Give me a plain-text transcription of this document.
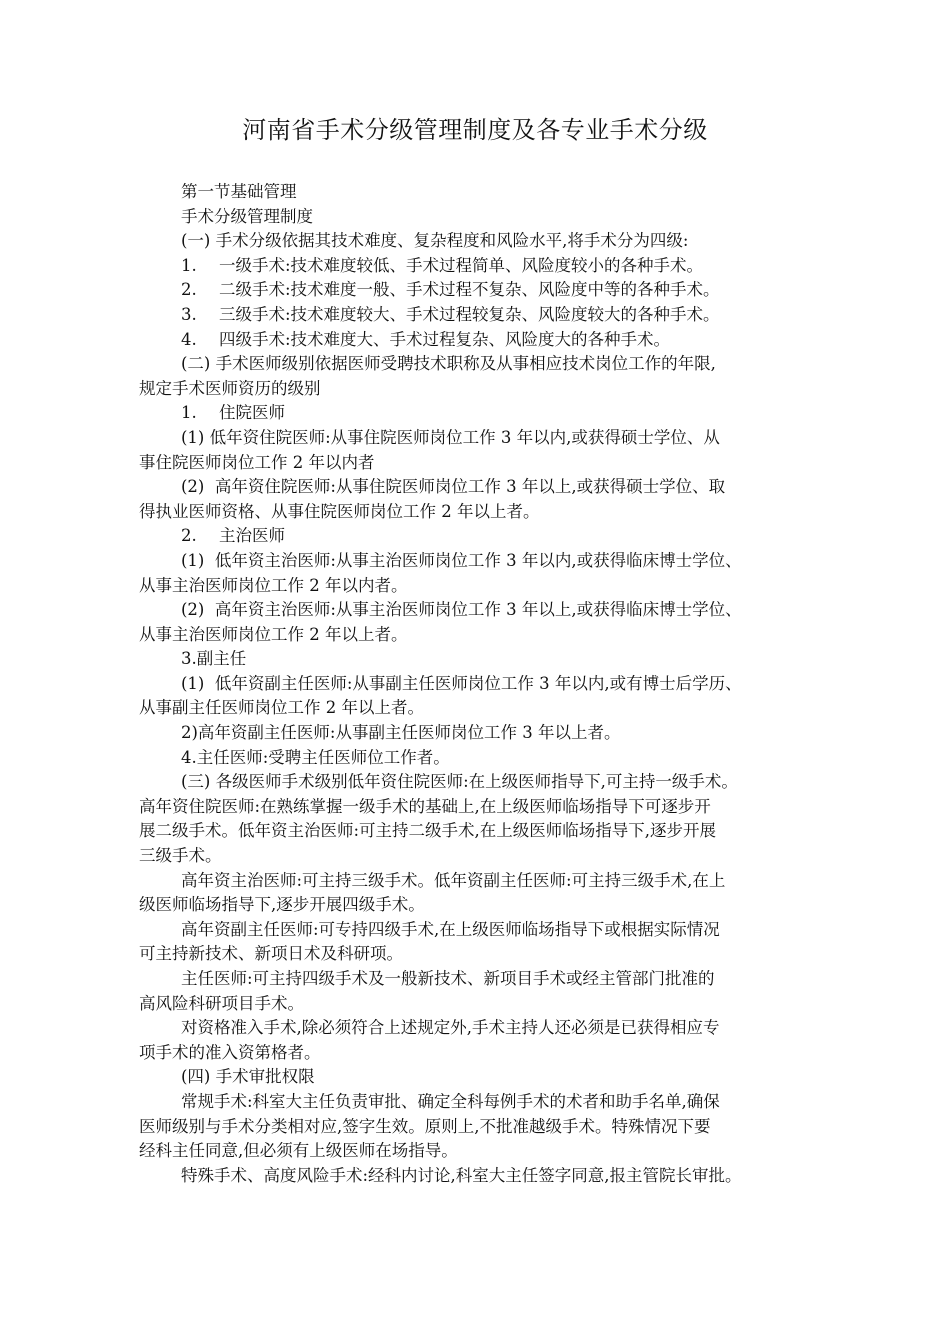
河南省手术分级管理制度及各专业手术分级

第一节基础管理

手术分级管理制度

(一) 手术分级依据其技术难度、复杂程度和风险水平,将手术分为四级:

1. 一级手术:技术难度较低、手术过程简单、风险度较小的各种手术。

2. 二级手术:技术难度一般、手术过程不复杂、风险度中等的各种手术。

3. 三级手术:技术难度较大、手术过程较复杂、风险度较大的各种手术。

4. 四级手术:技术难度大、手术过程复杂、风险度大的各种手术。

(二) 手术医师级别依据医师受聘技术职称及从事相应技术岗位工作的年限,

规定手术医师资历的级别

1. 住院医师

(1) 低年资住院医师:从事住院医师岗位工作 3 年以内,或获得硕士学位、从

事住院医师岗位工作 2 年以内者

(2)  高年资住院医师:从事住院医师岗位工作 3 年以上,或获得硕士学位、取

得执业医师资格、从事住院医师岗位工作 2 年以上者。

2. 主治医师

(1)  低年资主治医师:从事主治医师岗位工作 3 年以内,或获得临床博士学位、

从事主治医师岗位工作 2 年以内者。

(2)  高年资主治医师:从事主治医师岗位工作 3 年以上,或获得临床博士学位、

从事主治医师岗位工作 2 年以上者。

3.副主任

(1)  低年资副主任医师:从事副主任医师岗位工作 3 年以内,或有博士后学历、

从事副主任医师岗位工作 2 年以上者。

2)高年资副主任医师:从事副主任医师岗位工作 3 年以上者。

4.主任医师:受聘主任医师位工作者。

(三) 各级医师手术级别低年资住院医师:在上级医师指导下,可主持一级手术。

高年资住院医师:在熟练掌握一级手术的基础上,在上级医师临场指导下可逐步开

展二级手术。低年资主治医师:可主持二级手术,在上级医师临场指导下,逐步开展

三级手术。

高年资主治医师:可主持三级手术。低年资副主任医师:可主持三级手术,在上

级医师临场指导下,逐步开展四级手术。

高年资副主任医师:可专持四级手术,在上级医师临场指导下或根据实际情况

可主持新技术、新项日术及科研项。

主任医师:可主持四级手术及一般新技术、新项目手术或经主管部门批准的

高风险科研项目手术。

对资格准入手术,除必须符合上述规定外,手术主持人还必须是已获得相应专

项手术的准入资第格者。

(四) 手术审批权限

常规手术:科室大主任负责审批、确定全科每例手术的术者和助手名单,确保

医师级别与手术分类相对应,签字生效。原则上,不批准越级手术。特殊情况下要

经科主任同意,但必须有上级医师在场指导。

特殊手术、高度风险手术:经科内讨论,科室大主任签字同意,报主管院长审批。
